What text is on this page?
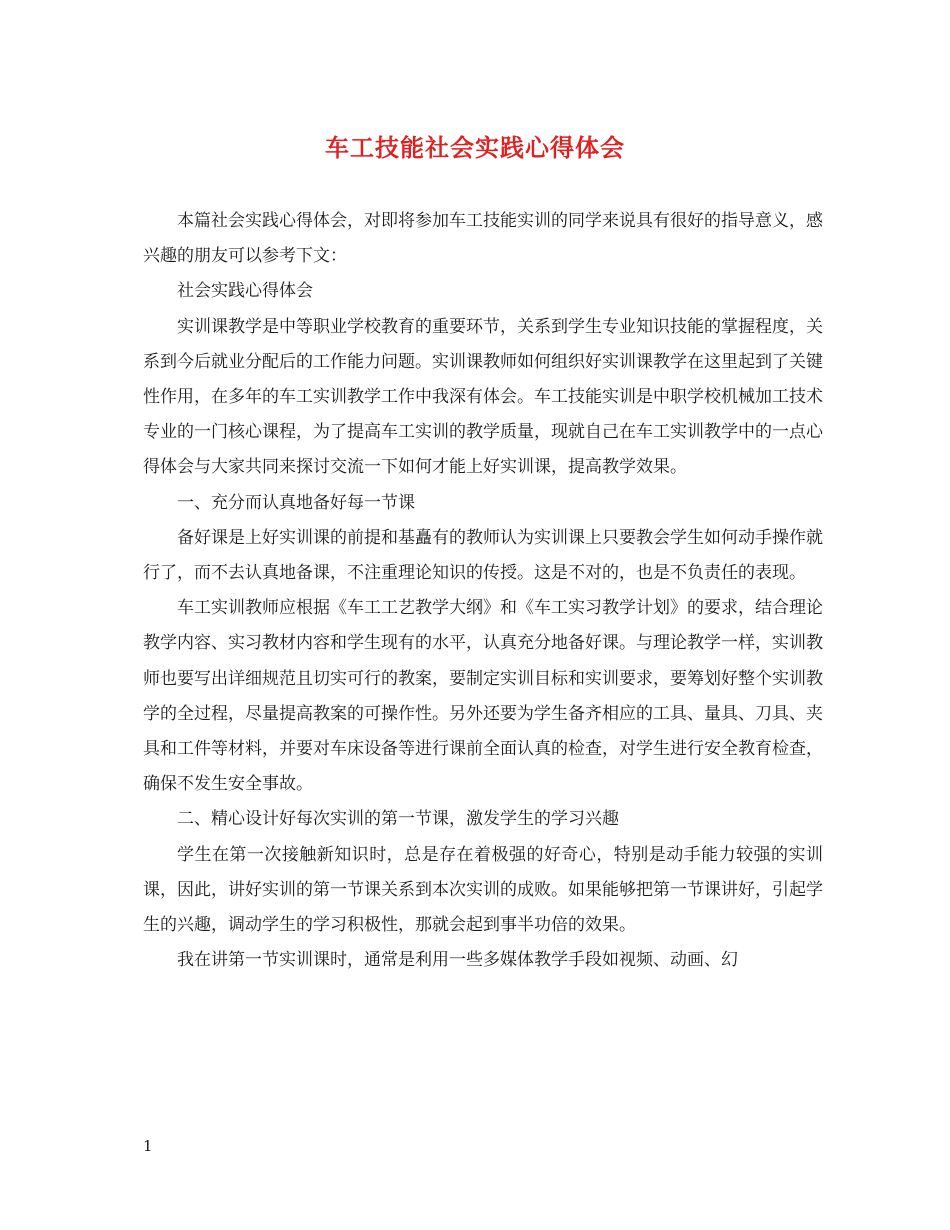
车工技能社会实践心得体会

本篇社会实践心得体会，对即将参加车工技能实训的同学来说具有很好的指导意义，感兴趣的朋友可以参考下文：

社会实践心得体会

实训课教学是中等职业学校教育的重要环节，关系到学生专业知识技能的掌握程度，关系到今后就业分配后的工作能力问题。实训课教师如何组织好实训课教学在这里起到了关键性作用，在多年的车工实训教学工作中我深有体会。车工技能实训是中职学校机械加工技术专业的一门核心课程，为了提高车工实训的教学质量，现就自己在车工实训教学中的一点心得体会与大家共同来探讨交流一下如何才能上好实训课，提高教学效果。

一、充分而认真地备好每一节课

备好课是上好实训课的前提和基矗有的教师认为实训课上只要教会学生如何动手操作就行了，而不去认真地备课，不注重理论知识的传授。这是不对的，也是不负责任的表现。

车工实训教师应根据《车工工艺教学大纲》和《车工实习教学计划》的要求，结合理论教学内容、实习教材内容和学生现有的水平，认真充分地备好课。与理论教学一样，实训教师也要写出详细规范且切实可行的教案，要制定实训目标和实训要求，要筹划好整个实训教学的全过程，尽量提高教案的可操作性。另外还要为学生备齐相应的工具、量具、刀具、夹具和工件等材料，并要对车床设备等进行课前全面认真的检查，对学生进行安全教育检查，确保不发生安全事故。

二、精心设计好每次实训的第一节课，激发学生的学习兴趣

学生在第一次接触新知识时，总是存在着极强的好奇心，特别是动手能力较强的实训课，因此，讲好实训的第一节课关系到本次实训的成败。如果能够把第一节课讲好，引起学生的兴趣，调动学生的学习积极性，那就会起到事半功倍的效果。

我在讲第一节实训课时，通常是利用一些多媒体教学手段如视频、动画、幻

1
